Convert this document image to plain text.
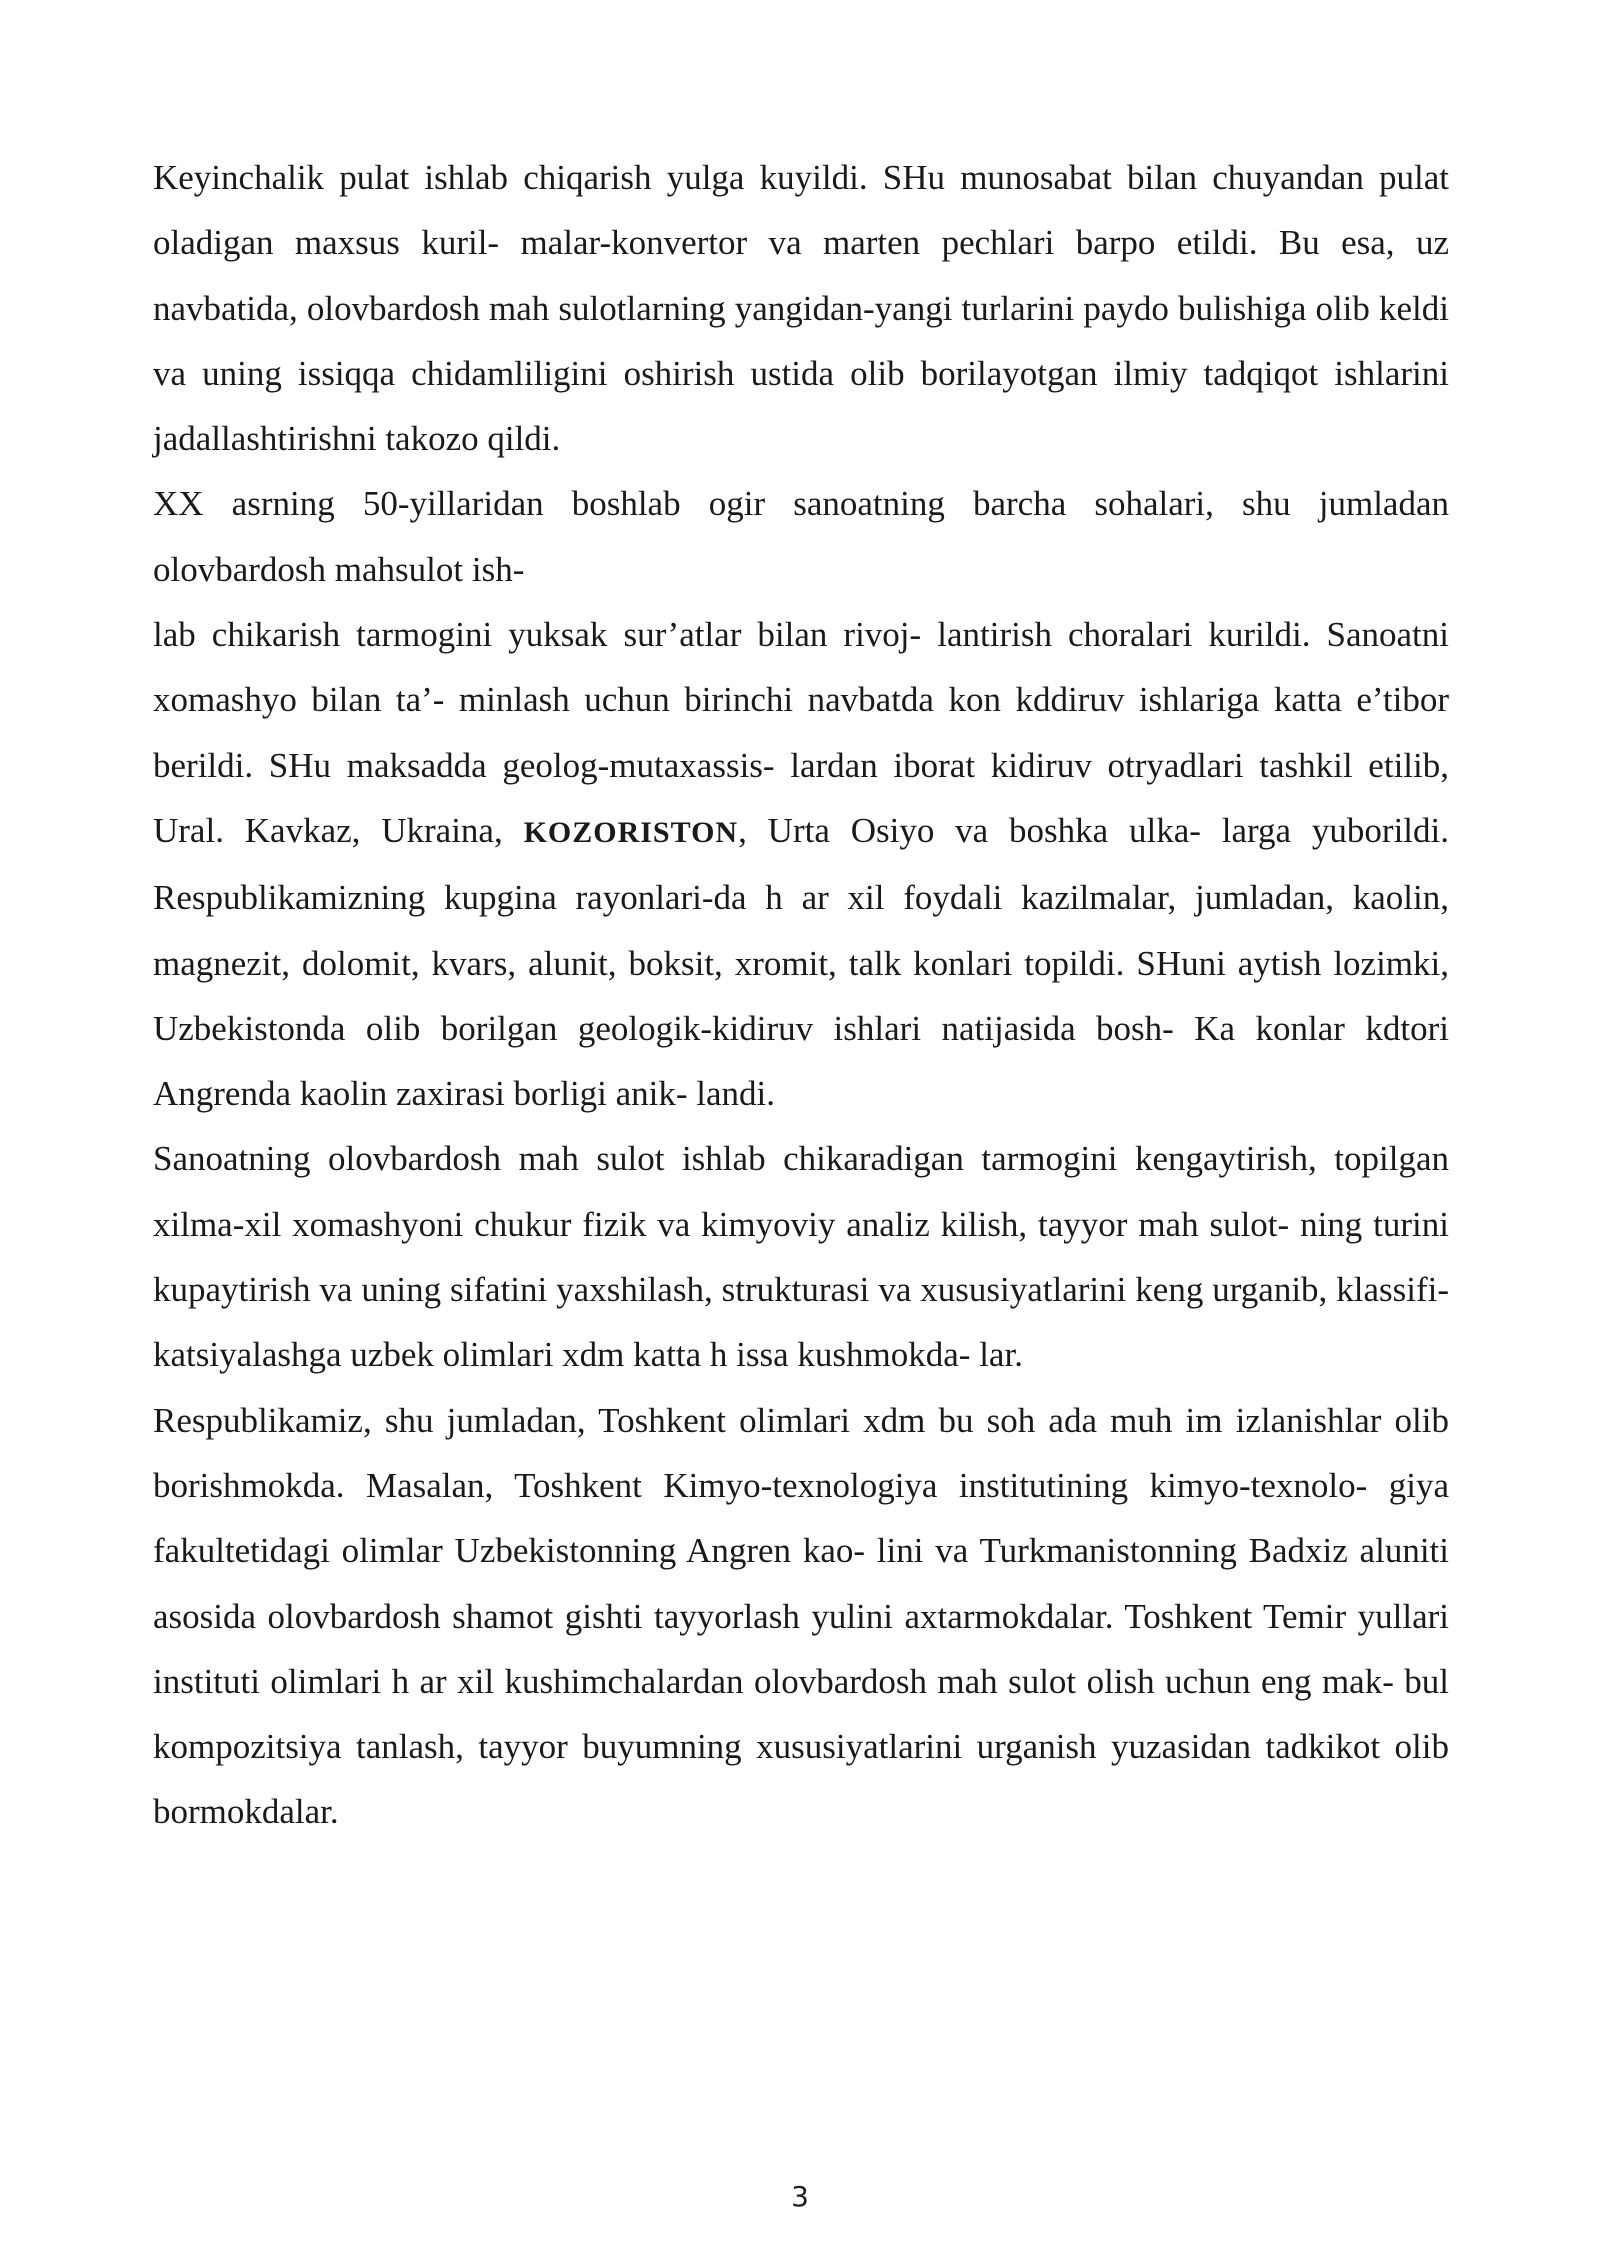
Keyinchalik pulat ishlab chiqarish yulga kuyildi. SHu munosabat bilan chuyandan pulat oladigan maxsus kuril- malar-konvertor va marten pechlari barpo etildi. Bu esa, uz navbatida, olovbardosh mah sulotlarning yangidan-yangi turlarini paydo bulishiga olib keldi va uning issiqqa chidamliligini oshirish ustida olib borilayotgan ilmiy tadqiqot ishlarini jadallashtirishni takozo qildi.

XX asrning 50-yillaridan boshlab ogir sanoatning barcha sohalari, shu jumladan olovbardosh mahsulot ish-

lab chikarish tarmogini yuksak sur’atlar bilan rivoj- lantirish choralari kurildi. Sanoatni xomashyo bilan ta’- minlash uchun birinchi navbatda kon kddiruv ishlariga katta e’tibor berildi. SHu maksadda geolog-mutaxassis- lardan iborat kidiruv otryadlari tashkil etilib, Ural. Kavkaz, Ukraina, KOZORISTON, Urta Osiyo va boshka ulka- larga yuborildi. Respublikamizning kupgina rayonlari-da h ar xil foydali kazilmalar, jumladan, kaolin, magnezit, dolomit, kvars, alunit, boksit, xromit, talk konlari topildi. SHuni aytish lozimki, Uzbekistonda olib borilgan geologik-kidiruv ishlari natijasida bosh- Ka konlar kdtori Angrenda kaolin zaxirasi borligi anik- landi.

Sanoatning olovbardosh mah sulot ishlab chikaradigan tarmogini kengaytirish, topilgan xilma-xil xomashyoni chukur fizik va kimyoviy analiz kilish, tayyor mah sulot- ning turini kupaytirish va uning sifatini yaxshilash, strukturasi va xususiyatlarini keng urganib, klassifi- katsiyalashga uzbek olimlari xdm katta h issa kushmokda- lar.

Respublikamiz, shu jumladan, Toshkent olimlari xdm bu soh ada muh im izlanishlar olib borishmokda. Masalan, Toshkent Kimyo-texnologiya institutining kimyo-texnolo- giya fakultetidagi olimlar Uzbekistonning Angren kao- lini va Turkmanistonning Badxiz aluniti asosida olovbardosh shamot gishti tayyorlash yulini axtarmokdalar. Toshkent Temir yullari instituti olimlari h ar xil kushimchalardan olovbardosh mah sulot olish uchun eng mak- bul kompozitsiya tanlash, tayyor buyumning xususiyatlarini urganish yuzasidan tadkikot olib bormokdalar.

3
